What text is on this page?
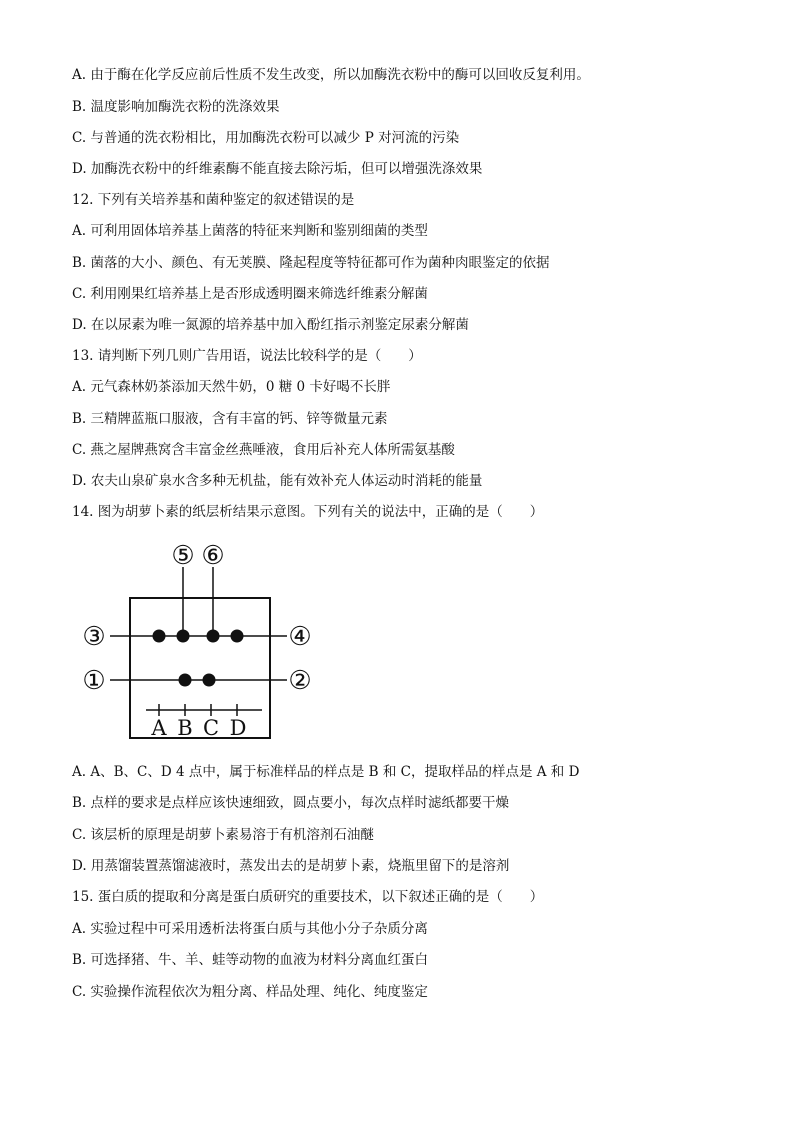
A. 由于酶在化学反应前后性质不发生改变，所以加酶洗衣粉中的酶可以回收反复利用。
B. 温度影响加酶洗衣粉的洗涤效果
C. 与普通的洗衣粉相比，用加酶洗衣粉可以减少 P 对河流的污染
D. 加酶洗衣粉中的纤维素酶不能直接去除污垢，但可以增强洗涤效果
12. 下列有关培养基和菌种鉴定的叙述错误的是
A. 可利用固体培养基上菌落的特征来判断和鉴别细菌的类型
B. 菌落的大小、颜色、有无荚膜、隆起程度等特征都可作为菌种肉眼鉴定的依据
C. 利用刚果红培养基上是否形成透明圈来筛选纤维素分解菌
D. 在以尿素为唯一氮源的培养基中加入酚红指示剂鉴定尿素分解菌
13. 请判断下列几则广告用语，说法比较科学的是（　　）
A. 元气森林奶茶添加天然牛奶，0 糖 0 卡好喝不长胖
B. 三精牌蓝瓶口服液，含有丰富的钙、锌等微量元素
C. 燕之屋牌燕窝含丰富金丝燕唾液，食用后补充人体所需氨基酸
D. 农夫山泉矿泉水含多种无机盐，能有效补充人体运动时消耗的能量
14. 图为胡萝卜素的纸层析结果示意图。下列有关的说法中，正确的是（　　）
⑤ ⑥
③	④
①	②
A B C D
A. A、B、C、D 4 点中，属于标准样品的样点是 B 和 C，提取样品的样点是 A 和 D
B. 点样的要求是点样应该快速细致，圆点要小，每次点样时滤纸都要干燥
C. 该层析的原理是胡萝卜素易溶于有机溶剂石油醚
D. 用蒸馏装置蒸馏滤液时，蒸发出去的是胡萝卜素，烧瓶里留下的是溶剂
15. 蛋白质的提取和分离是蛋白质研究的重要技术，以下叙述正确的是（　　）
A. 实验过程中可采用透析法将蛋白质与其他小分子杂质分离
B. 可选择猪、牛、羊、蛙等动物的血液为材料分离血红蛋白
C. 实验操作流程依次为粗分离、样品处理、纯化、纯度鉴定
